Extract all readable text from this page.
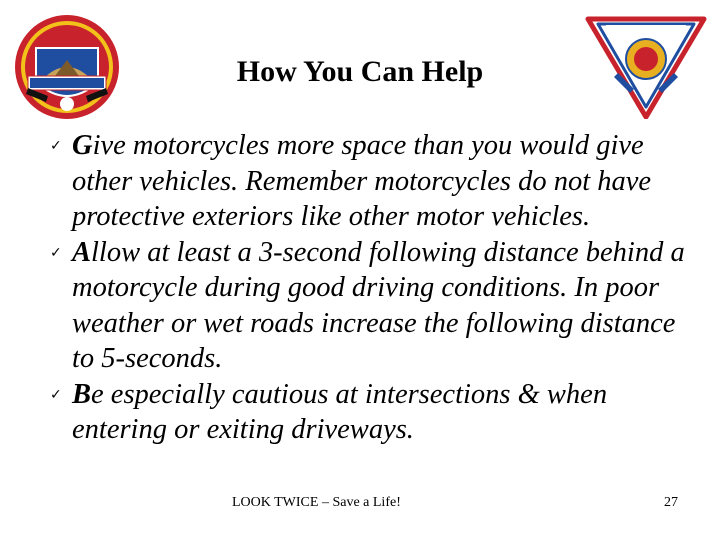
How You Can Help
✓ Give motorcycles more space than you would give other vehicles. Remember motorcycles do not have protective exteriors like other motor vehicles.
✓ Allow at least a 3-second following distance behind a motorcycle during good driving conditions. In poor weather or wet roads increase the following distance to 5-seconds.
✓ Be especially cautious at intersections & when entering or exiting driveways.
LOOK TWICE – Save a Life!	27
